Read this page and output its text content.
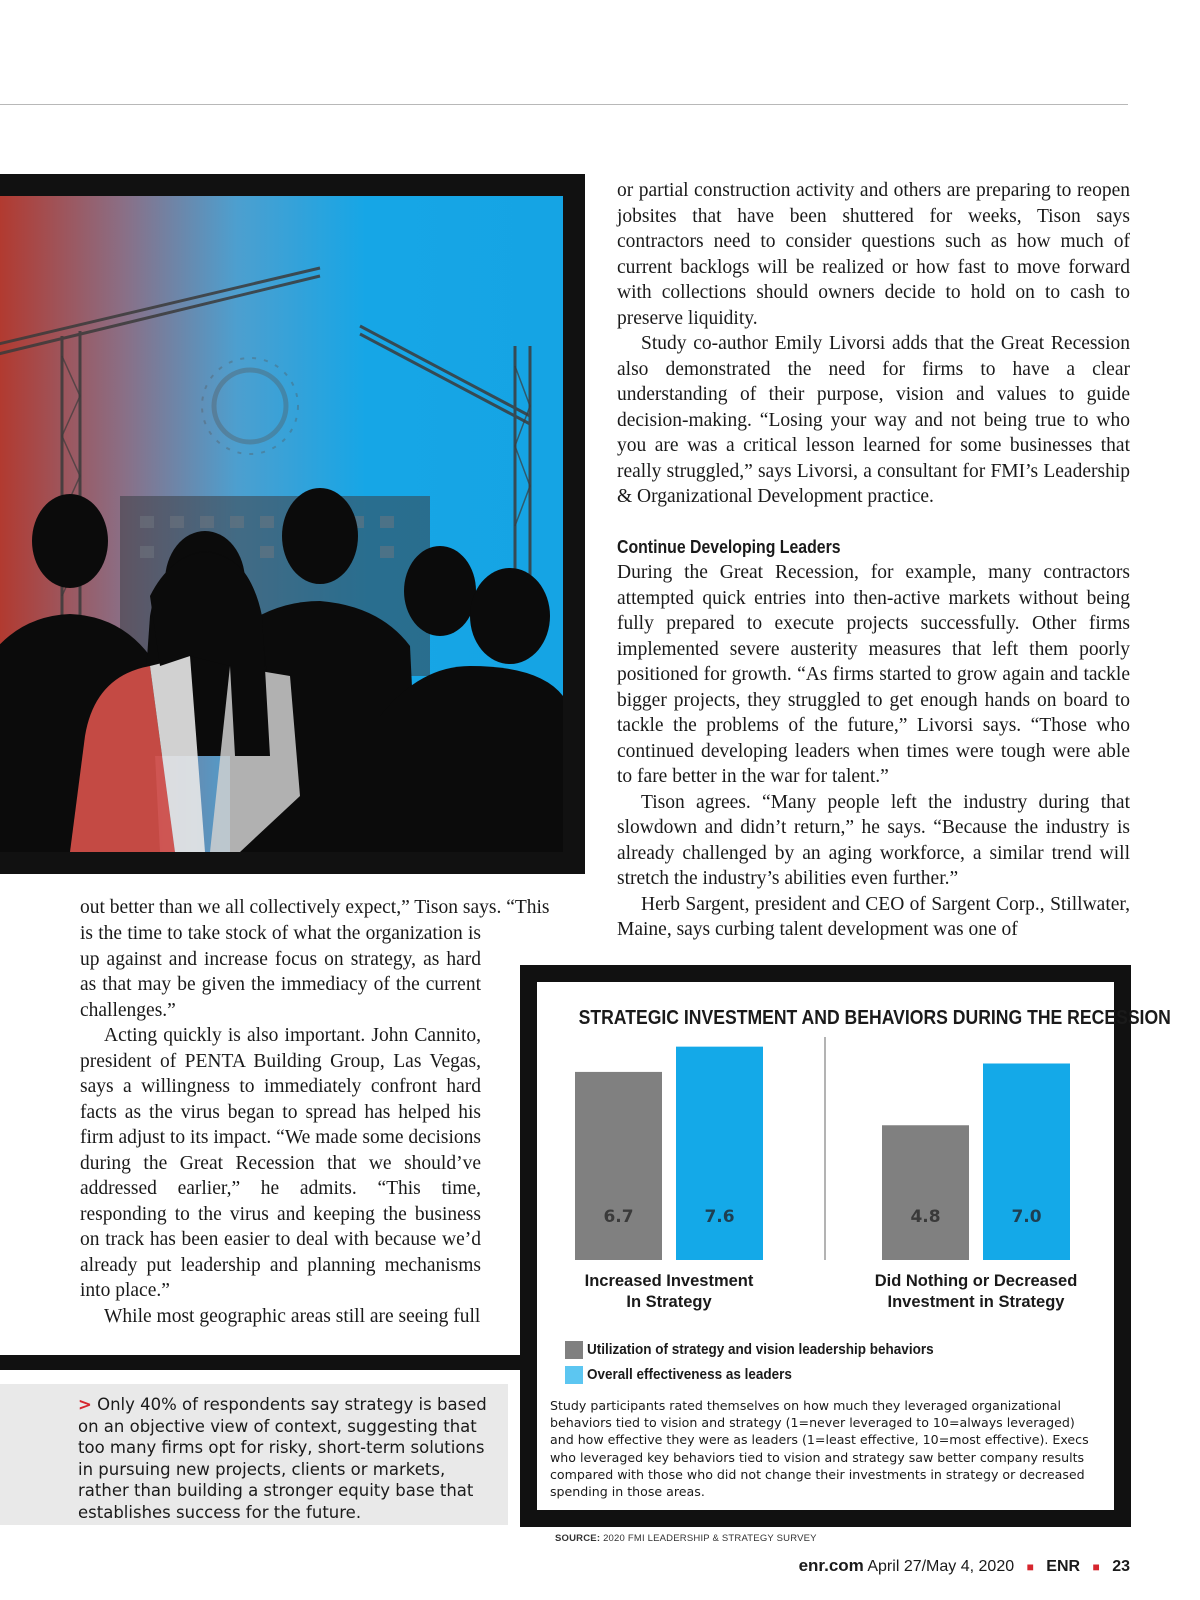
or partial construction activity and others are preparing to reopen jobsites that have been shuttered for weeks, Tison says contractors need to consider questions such as how much of current backlogs will be realized or how fast to move forward with collections should owners decide to hold on to cash to preserve liquidity.

Study co-author Emily Livorsi adds that the Great Recession also demonstrated the need for firms to have a clear understanding of their purpose, vision and values to guide decision-making. “Losing your way and not being true to who you are was a critical lesson learned for some businesses that really struggled,” says Livorsi, a consultant for FMI’s Leadership & Organizational Development practice.

Continue Developing Leaders

During the Great Recession, for example, many contractors attempted quick entries into then-active markets without being fully prepared to execute projects successfully. Other firms implemented severe austerity measures that left them poorly positioned for growth. “As firms started to grow again and tackle bigger projects, they struggled to get enough hands on board to tackle the problems of the future,” Livorsi says. “Those who continued developing leaders when times were tough were able to fare better in the war for talent.”

Tison agrees. “Many people left the industry during that slowdown and didn’t return,” he says. “Because the industry is already challenged by an aging workforce, a similar trend will stretch the industry’s abilities even further.”

Herb Sargent, president and CEO of Sargent Corp., Stillwater, Maine, says curbing talent development was one of

out better than we all collectively expect,” Tison says. “This

is the time to take stock of what the organization is up against and increase focus on strategy, as hard as that may be given the immediacy of the current challenges.”

Acting quickly is also important. John Cannito, president of PENTA Building Group, Las Vegas, says a willingness to immediately confront hard facts as the virus began to spread has helped his firm adjust to its impact. “We made some decisions during the Great Recession that we should’ve addressed earlier,” he admits. “This time, responding to the virus and keeping the business on track has been easier to deal with because we’d already put leadership and planning mechanisms into place.”

While most geographic areas still are seeing full

> Only 40% of respondents say strategy is based on an objective view of context, suggesting that too many firms opt for risky, short-term solutions in pursuing new projects, clients or markets, rather than building a stronger equity base that establishes success for the future.

STRATEGIC INVESTMENT AND BEHAVIORS DURING THE RECESSION
6.7	7.6
Increased Investment
In Strategy
4.8	7.0
Did Nothing or Decreased
Investment in Strategy
Utilization of strategy and vision leadership behaviors
Overall effectiveness as leaders

Study participants rated themselves on how much they leveraged organizational behaviors tied to vision and strategy (1=never leveraged to 10=always leveraged) and how effective they were as leaders (1=least effective, 10=most effective). Execs who leveraged key behaviors tied to vision and strategy saw better company results compared with those who did not change their investments in strategy or decreased spending in those areas.

SOURCE: 2020 FMI LEADERSHIP & STRATEGY SURVEY
enr.com April 27/May 4, 2020 ■ ENR ■ 23
